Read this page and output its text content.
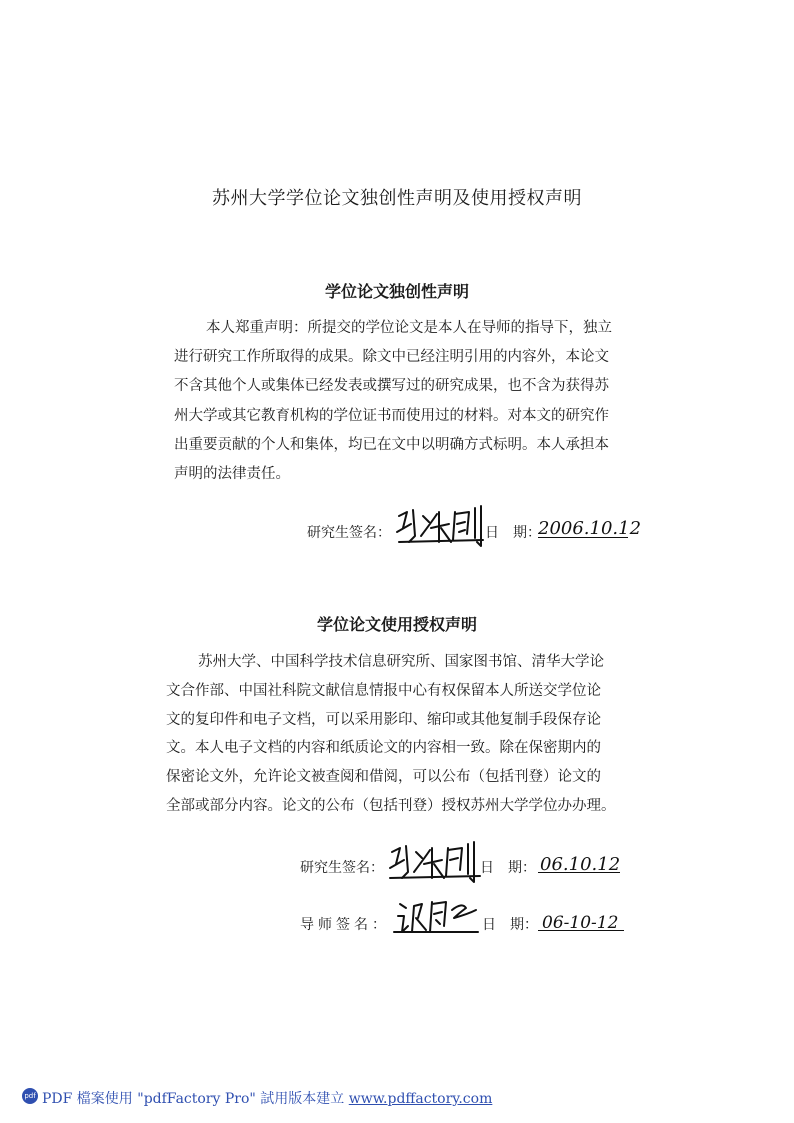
苏州大学学位论文独创性声明及使用授权声明
学位论文独创性声明
本人郑重声明：所提交的学位论文是本人在导师的指导下，独立
进行研究工作所取得的成果。除文中已经注明引用的内容外，本论文
不含其他个人或集体已经发表或撰写过的研究成果，也不含为获得苏
州大学或其它教育机构的学位证书而使用过的材料。对本文的研究作
出重要贡献的个人和集体，均已在文中以明确方式标明。本人承担本
声明的法律责任。
研究生签名：	日　期：
2006.10.12
学位论文使用授权声明
苏州大学、中国科学技术信息研究所、国家图书馆、清华大学论
文合作部、中国社科院文献信息情报中心有权保留本人所送交学位论
文的复印件和电子文档，可以采用影印、缩印或其他复制手段保存论
文。本人电子文档的内容和纸质论文的内容相一致。除在保密期内的
保密论文外，允许论文被查阅和借阅，可以公布（包括刊登）论文的
全部或部分内容。论文的公布（包括刊登）授权苏州大学学位办办理。
研究生签名：	日　期： 06.10.12
导师签名：	日　期： 06-10-12
pdf PDF 檔案使用 "pdfFactory Pro" 試用版本建立 www.pdffactory.com
